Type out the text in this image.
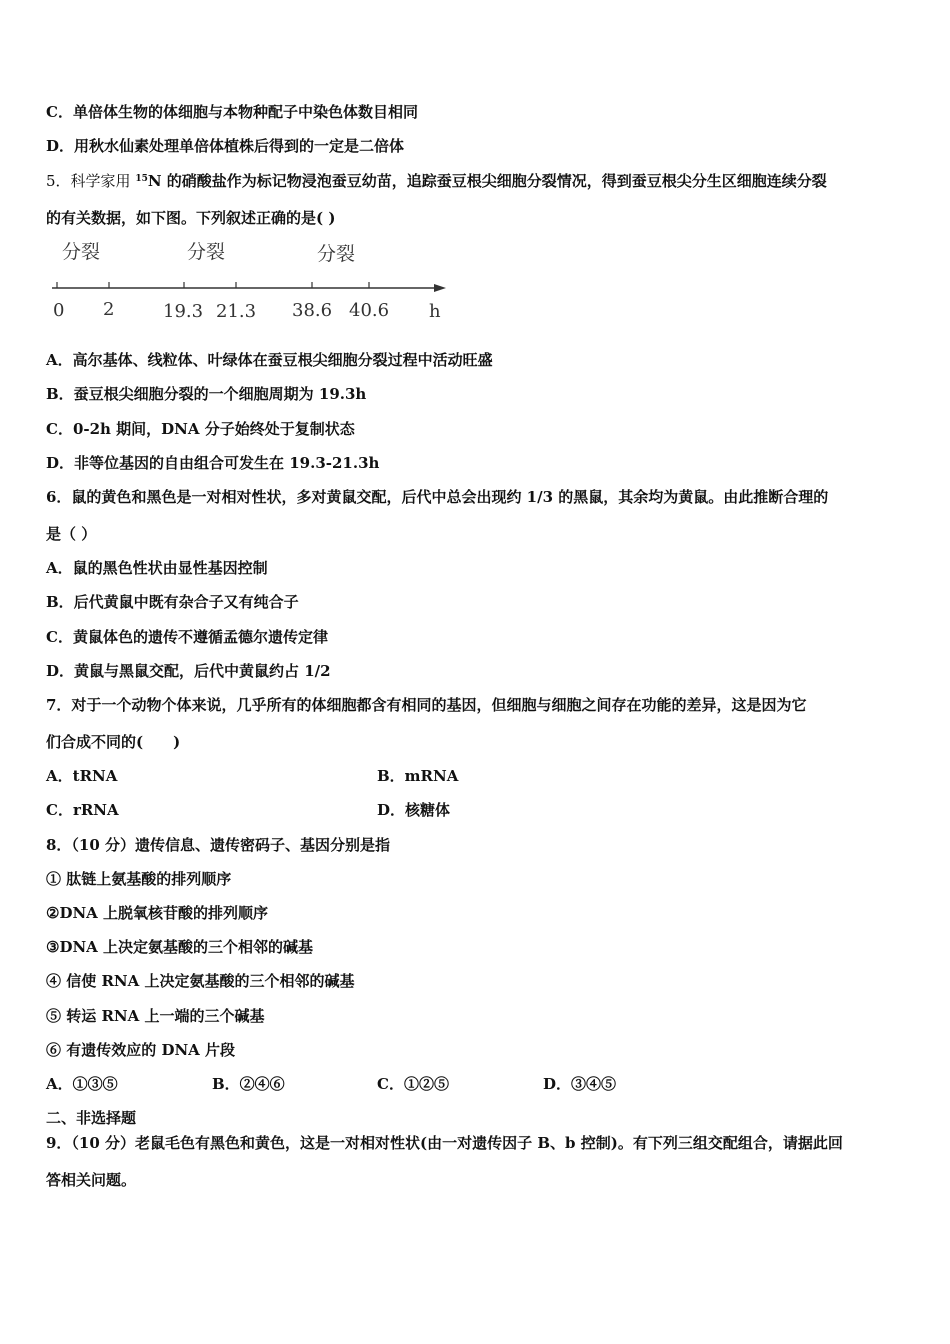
C．单倍体生物的体细胞与本物种配子中染色体数目相同
D．用秋水仙素处理单倍体植株后得到的一定是二倍体
5．科学家用 $^{15}$N 的硝酸盐作为标记物浸泡蚕豆幼苗，追踪蚕豆根尖细胞分裂情况，得到蚕豆根尖分生区细胞连续分裂
的有关数据，如下图。下列叙述正确的是( )
分裂	分裂	分裂
0 2	19.3 21.3 38.6 40.6 h
A．高尔基体、线粒体、叶绿体在蚕豆根尖细胞分裂过程中活动旺盛
B．蚕豆根尖细胞分裂的一个细胞周期为 19.3h
C．0-2h 期间，DNA 分子始终处于复制状态
D．非等位基因的自由组合可发生在 19.3-21.3h
6．鼠的黄色和黑色是一对相对性状，多对黄鼠交配，后代中总会出现约 1/3 的黑鼠，其余均为黄鼠。由此推断合理的
是（ ）
A．鼠的黑色性状由显性基因控制
B．后代黄鼠中既有杂合子又有纯合子
C．黄鼠体色的遗传不遵循孟德尔遗传定律
D．黄鼠与黑鼠交配，后代中黄鼠约占 1/2
7．对于一个动物个体来说，几乎所有的体细胞都含有相同的基因，但细胞与细胞之间存在功能的差异，这是因为它
们合成不同的(　　)
A．tRNA	B．mRNA
C．rRNA	D．核糖体
8．（10 分）遗传信息、遗传密码子、基因分别是指
① 肽链上氨基酸的排列顺序
②DNA 上脱氧核苷酸的排列顺序
③DNA 上决定氨基酸的三个相邻的碱基
④ 信使 RNA 上决定氨基酸的三个相邻的碱基
⑤ 转运 RNA 上一端的三个碱基
⑥ 有遗传效应的 DNA 片段
A．①③⑤	B．②④⑥	C．①②⑤	D．③④⑤
二、非选择题
9．（10 分）老鼠毛色有黑色和黄色，这是一对相对性状(由一对遗传因子 B、b 控制)。有下列三组交配组合，请据此回
答相关问题。
